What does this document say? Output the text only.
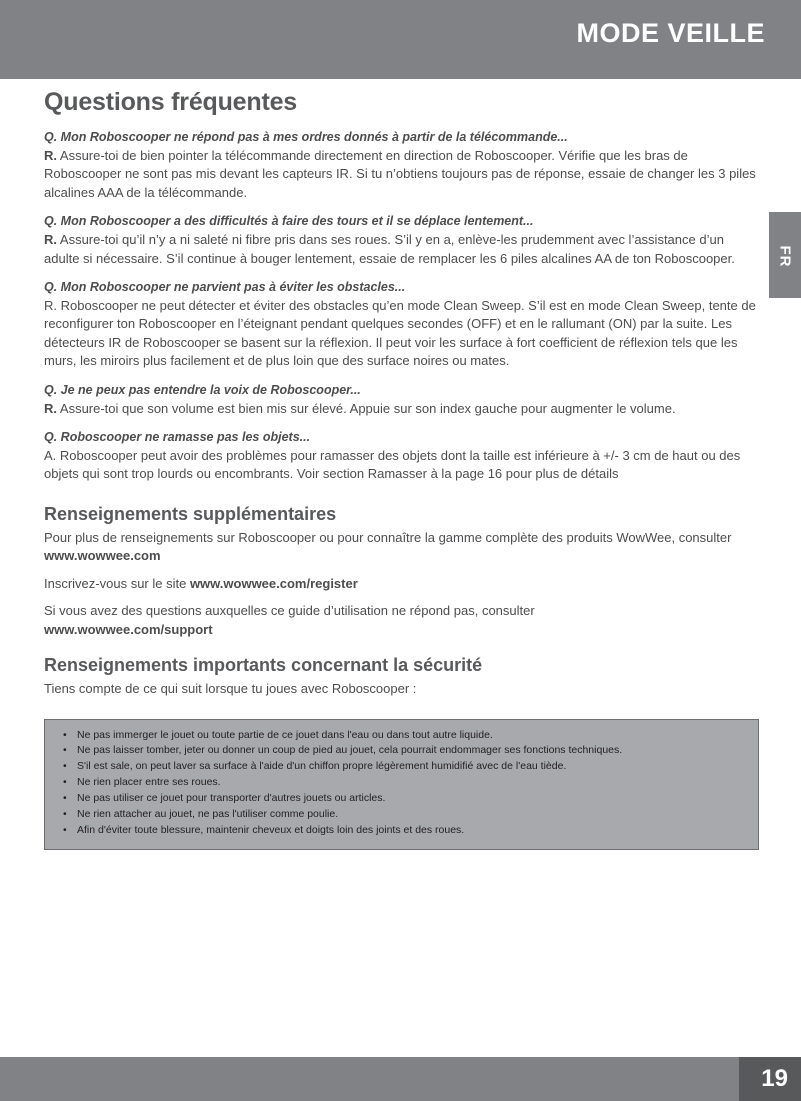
MODE VEILLE
FR
Questions fréquentes

Q. Mon Roboscooper ne répond pas à mes ordres donnés à partir de la télécommande...

R. Assure-toi de bien pointer la télécommande directement en direction de Roboscooper. Vérifie que les bras de Roboscooper ne sont pas mis devant les capteurs IR. Si tu n’obtiens toujours pas de réponse, essaie de changer les 3 piles alcalines AAA de la télécommande.

Q. Mon Roboscooper a des difficultés à faire des tours et il se déplace lentement...

R. Assure-toi qu’il n’y a ni saleté ni fibre pris dans ses roues. S’il y en a, enlève-les prudemment avec l’assistance d’un adulte si nécessaire. S’il continue à bouger lentement, essaie de remplacer les 6 piles alcalines AA de ton Roboscooper.

Q. Mon Roboscooper ne parvient pas à éviter les obstacles...

R. Roboscooper ne peut détecter et éviter des obstacles qu’en mode Clean Sweep. S’il est en mode Clean Sweep, tente de reconfigurer ton Roboscooper en l’éteignant pendant quelques secondes (OFF) et en le rallumant (ON) par la suite. Les détecteurs IR de Roboscooper se basent sur la réflexion. Il peut voir les surface à fort coefficient de réflexion tels que les murs, les miroirs plus facilement et de plus loin que des surface noires ou mates.

Q. Je ne peux pas entendre la voix de Roboscooper...

R. Assure-toi que son volume est bien mis sur élevé. Appuie sur son index gauche pour augmenter le volume.

Q. Roboscooper ne ramasse pas les objets...

A. Roboscooper peut avoir des problèmes pour ramasser des objets dont la taille est inférieure à +/- 3 cm de haut ou des objets qui sont trop lourds ou encombrants. Voir section Ramasser à la page 16 pour plus de détails

Renseignements supplémentaires

Pour plus de renseignements sur Roboscooper ou pour connaître la gamme complète des produits WowWee, consulter www.wowwee.com

Inscrivez-vous sur le site www.wowwee.com/register

Si vous avez des questions auxquelles ce guide d’utilisation ne répond pas, consulter
www.wowwee.com/support

Renseignements importants concernant la sécurité

Tiens compte de ce qui suit lorsque tu joues avec Roboscooper :

• Ne pas immerger le jouet ou toute partie de ce jouet dans l'eau ou dans tout autre liquide.
• Ne pas laisser tomber, jeter ou donner un coup de pied au jouet, cela pourrait endommager ses fonctions techniques.
• S'il est sale, on peut laver sa surface à l'aide d'un chiffon propre légèrement humidifié avec de l'eau tiède.
• Ne rien placer entre ses roues.
• Ne pas utiliser ce jouet pour transporter d'autres jouets ou articles.
• Ne rien attacher au jouet, ne pas l'utiliser comme poulie.
• Afin d'éviter toute blessure, maintenir cheveux et doigts loin des joints et des roues.
19
